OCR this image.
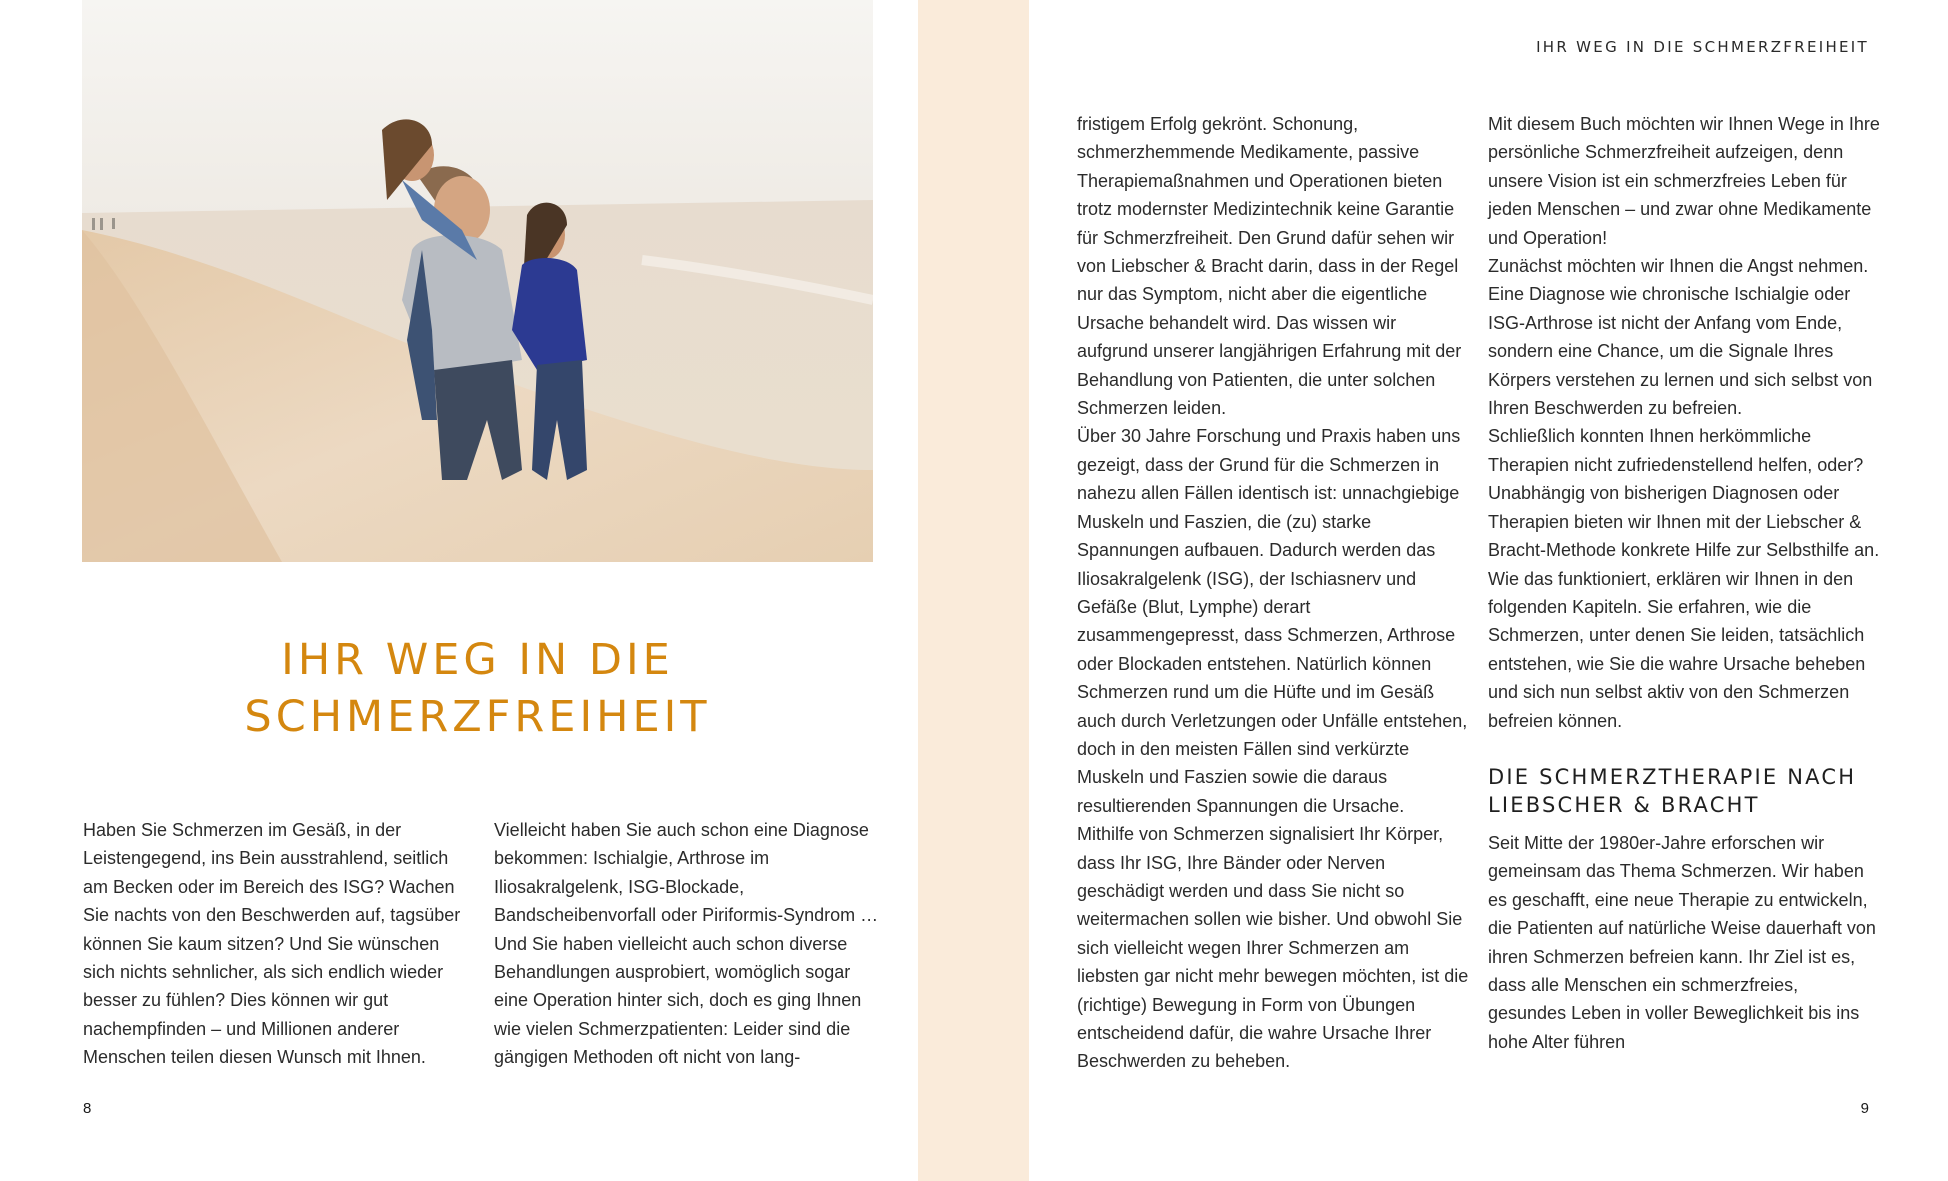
IHR WEG IN DIE
SCHMERZFREIHEIT

Haben Sie Schmerzen im Gesäß, in der Leistengegend, ins Bein ausstrahlend, seitlich am Becken oder im Bereich des ISG? Wachen Sie nachts von den Beschwerden auf, tagsüber können Sie kaum sitzen? Und Sie wünschen sich nichts sehnlicher, als sich endlich wieder besser zu fühlen? Dies können wir gut nachempfinden – und Millionen anderer Menschen teilen diesen Wunsch mit Ihnen.

Vielleicht haben Sie auch schon eine Diagnose bekommen: Ischialgie, Arthrose im Iliosakralgelenk, ISG-Blockade, Bandscheibenvorfall oder Piriformis-Syndrom …

Und Sie haben vielleicht auch schon diverse Behandlungen ausprobiert, womöglich sogar eine Operation hinter sich, doch es ging Ihnen wie vielen Schmerzpatienten: Leider sind die gängigen Methoden oft nicht von lang-

8
IHR WEG IN DIE SCHMERZFREIHEIT

fristigem Erfolg gekrönt. Schonung, schmerzhemmende Medikamente, passive Therapiemaßnahmen und Operationen bieten trotz modernster Medizintechnik keine Garantie für Schmerzfreiheit. Den Grund dafür sehen wir von Liebscher & Bracht darin, dass in der Regel nur das Symptom, nicht aber die eigentliche Ursache behandelt wird. Das wissen wir aufgrund unserer langjährigen Erfahrung mit der Behandlung von Patienten, die unter solchen Schmerzen leiden.

Über 30 Jahre Forschung und Praxis haben uns gezeigt, dass der Grund für die Schmerzen in nahezu allen Fällen identisch ist: unnachgiebige Muskeln und Faszien, die (zu) starke Spannungen aufbauen. Dadurch werden das Iliosakralgelenk (ISG), der Ischiasnerv und Gefäße (Blut, Lymphe) derart zusammengepresst, dass Schmerzen, Arthrose oder Blockaden entstehen. Natürlich können Schmerzen rund um die Hüfte und im Gesäß auch durch Verletzungen oder Unfälle entstehen, doch in den meisten Fällen sind verkürzte Muskeln und Faszien sowie die daraus resultierenden Spannungen die Ursache.

Mithilfe von Schmerzen signalisiert Ihr Körper, dass Ihr ISG, Ihre Bänder oder Nerven geschädigt werden und dass Sie nicht so weitermachen sollen wie bisher. Und obwohl Sie sich vielleicht wegen Ihrer Schmerzen am liebsten gar nicht mehr bewegen möchten, ist die (richtige) Bewegung in Form von Übungen entscheidend dafür, die wahre Ursache Ihrer Beschwerden zu beheben.

Mit diesem Buch möchten wir Ihnen Wege in Ihre persönliche Schmerzfreiheit aufzeigen, denn unsere Vision ist ein schmerzfreies Leben für jeden Menschen – und zwar ohne Medikamente und Operation!

Zunächst möchten wir Ihnen die Angst nehmen. Eine Diagnose wie chronische Ischialgie oder ISG-Arthrose ist nicht der Anfang vom Ende, sondern eine Chance, um die Signale Ihres Körpers verstehen zu lernen und sich selbst von Ihren Beschwerden zu befreien.

Schließlich konnten Ihnen herkömmliche Therapien nicht zufriedenstellend helfen, oder? Unabhängig von bisherigen Diagnosen oder Therapien bieten wir Ihnen mit der Liebscher & Bracht-Methode konkrete Hilfe zur Selbsthilfe an. Wie das funktioniert, erklären wir Ihnen in den folgenden Kapiteln. Sie erfahren, wie die Schmerzen, unter denen Sie leiden, tatsächlich entstehen, wie Sie die wahre Ursache beheben und sich nun selbst aktiv von den Schmerzen befreien können.

DIE SCHMERZTHERAPIE NACH
LIEBSCHER & BRACHT

Seit Mitte der 1980er-Jahre erforschen wir gemeinsam das Thema Schmerzen. Wir haben es geschafft, eine neue Therapie zu entwickeln, die Patienten auf natürliche Weise dauerhaft von ihren Schmerzen befreien kann. Ihr Ziel ist es, dass alle Menschen ein schmerzfreies, gesundes Leben in voller Beweglichkeit bis ins hohe Alter führen

9
